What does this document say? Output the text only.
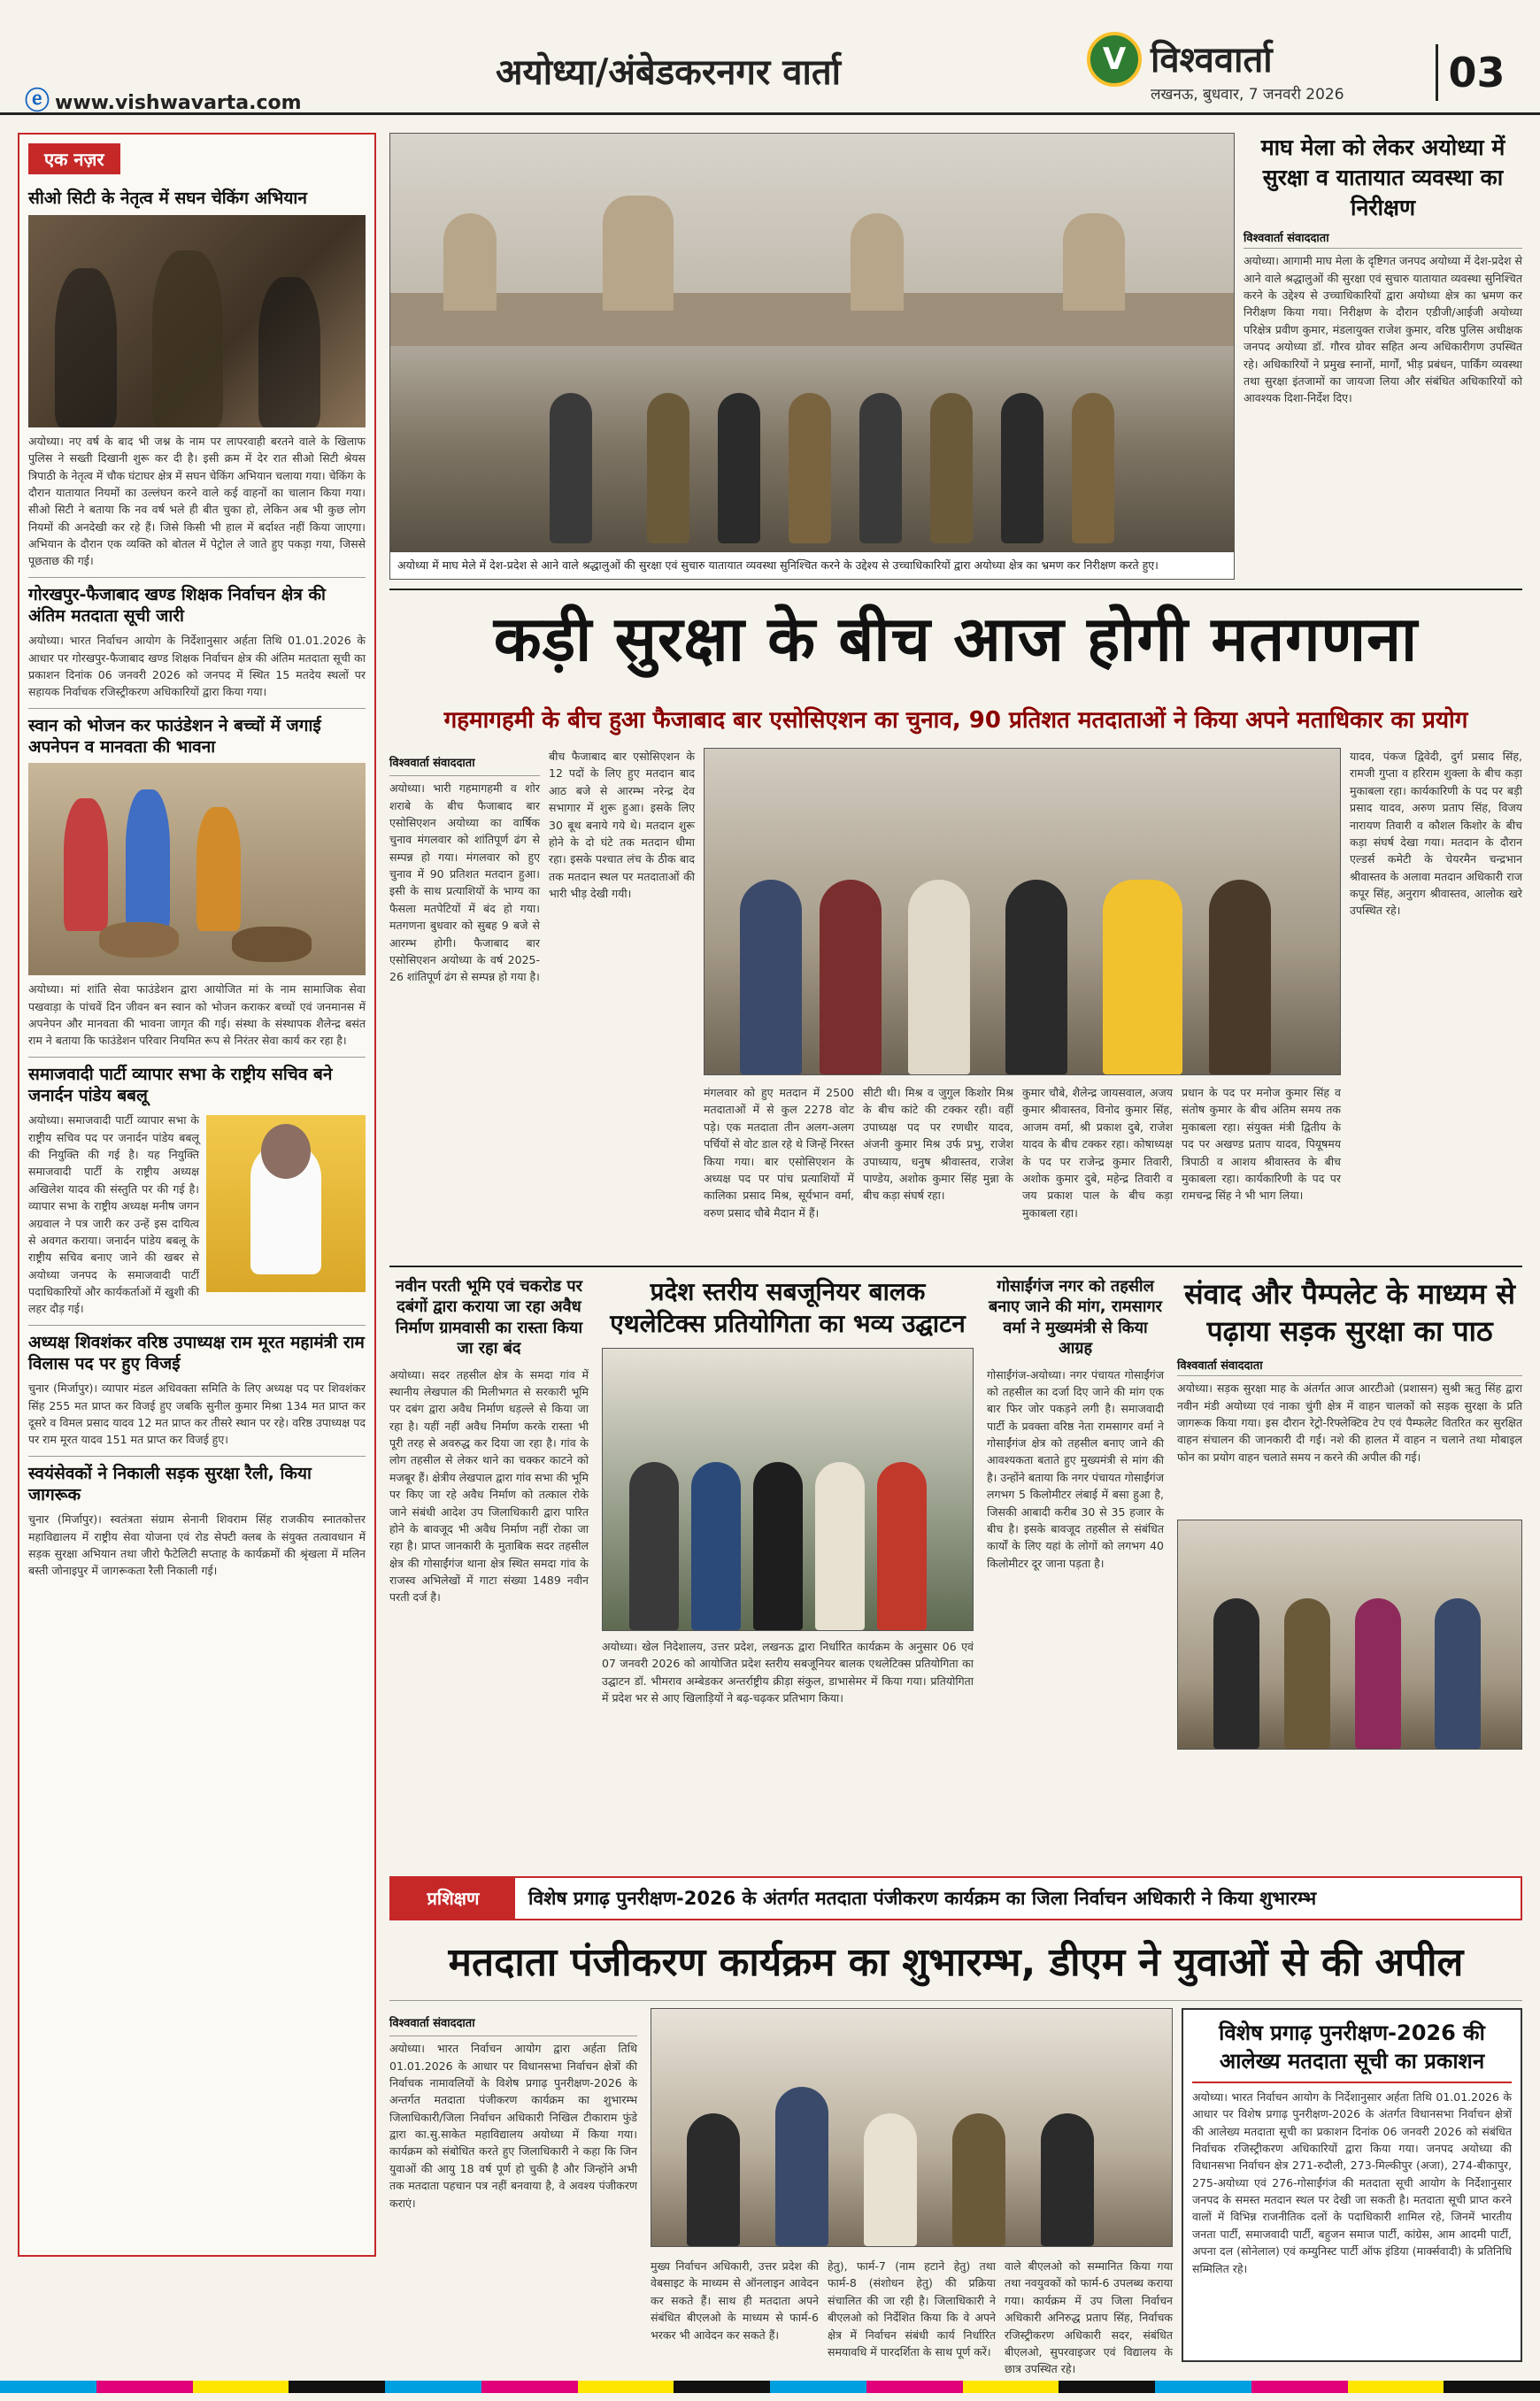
ⓔ www.vishwavarta.com
अयोध्या/अंबेडकरनगर वार्ता	V विश्ववार्ता
लखनऊ, बुधवार, 7 जनवरी 2026	03
एक नज़र
सीओ सिटी के नेतृत्व में सघन चेकिंग अभियान
अयोध्या। नए वर्ष के बाद भी जश्न के नाम पर लापरवाही बरतने वाले के खिलाफ पुलिस ने सख्ती दिखानी शुरू कर दी है। इसी क्रम में देर रात सीओ सिटी श्रेयस त्रिपाठी के नेतृत्व में चौक घंटाघर क्षेत्र में सघन चेकिंग अभियान चलाया गया। चेकिंग के दौरान यातायात नियमों का उल्लंघन करने वाले कई वाहनों का चालान किया गया। सीओ सिटी ने बताया कि नव वर्ष भले ही बीत चुका हो, लेकिन अब भी कुछ लोग नियमों की अनदेखी कर रहे हैं। जिसे किसी भी हाल में बर्दाश्त नहीं किया जाएगा। अभियान के दौरान एक व्यक्ति को बोतल में पेट्रोल ले जाते हुए पकड़ा गया, जिससे पूछताछ की गई।
गोरखपुर-फैजाबाद खण्ड शिक्षक निर्वाचन क्षेत्र की अंतिम मतदाता सूची जारी
अयोध्या। भारत निर्वाचन आयोग के निर्देशानुसार अर्हता तिथि 01.01.2026 के आधार पर गोरखपुर-फैजाबाद खण्ड शिक्षक निर्वाचन क्षेत्र की अंतिम मतदाता सूची का प्रकाशन दिनांक 06 जनवरी 2026 को जनपद में स्थित 15 मतदेय स्थलों पर सहायक निर्वाचक रजिस्ट्रीकरण अधिकारियों द्वारा किया गया।
स्वान को भोजन कर फाउंडेशन ने बच्चों में जगाई अपनेपन व मानवता की भावना
अयोध्या। मां शांति सेवा फाउंडेशन द्वारा आयोजित मां के नाम सामाजिक सेवा पखवाड़ा के पांचवें दिन जीवन बन स्वान को भोजन कराकर बच्चों एवं जनमानस में अपनेपन और मानवता की भावना जागृत की गई। संस्था के संस्थापक शैलेन्द्र बसंत राम ने बताया कि फाउंडेशन परिवार नियमित रूप से निरंतर सेवा कार्य कर रहा है।
समाजवादी पार्टी व्यापार सभा के राष्ट्रीय सचिव बने जनार्दन पांडेय बबलू
अयोध्या। समाजवादी पार्टी व्यापार सभा के राष्ट्रीय सचिव पद पर जनार्दन पांडेय बबलू की नियुक्ति की गई है। यह नियुक्ति समाजवादी पार्टी के राष्ट्रीय अध्यक्ष अखिलेश यादव की संस्तुति पर की गई है। व्यापार सभा के राष्ट्रीय अध्यक्ष मनीष जगन अग्रवाल ने पत्र जारी कर उन्हें इस दायित्व से अवगत कराया। जनार्दन पांडेय बबलू के राष्ट्रीय सचिव बनाए जाने की खबर से अयोध्या जनपद के समाजवादी पार्टी पदाधिकारियों और कार्यकर्ताओं में खुशी की लहर दौड़ गई।
अध्यक्ष शिवशंकर वरिष्ठ उपाध्यक्ष राम मूरत महामंत्री राम विलास पद पर हुए विजई
चुनार (मिर्जापुर)। व्यापार मंडल अधिवक्ता समिति के लिए अध्यक्ष पद पर शिवशंकर सिंह 255 मत प्राप्त कर विजई हुए जबकि सुनील कुमार मिश्रा 134 मत प्राप्त कर दूसरे व विमल प्रसाद यादव 12 मत प्राप्त कर तीसरे स्थान पर रहे। वरिष्ठ उपाध्यक्ष पद पर राम मूरत यादव 151 मत प्राप्त कर विजई हुए।
स्वयंसेवकों ने निकाली सड़क सुरक्षा रैली, किया जागरूक
चुनार (मिर्जापुर)। स्वतंत्रता संग्राम सेनानी शिवराम सिंह राजकीय स्नातकोत्तर महाविद्यालय में राष्ट्रीय सेवा योजना एवं रोड सेफ्टी क्लब के संयुक्त तत्वावधान में सड़क सुरक्षा अभियान तथा जीरो फैटेलिटी सप्ताह के कार्यक्रमों की श्रृंखला में मलिन बस्ती जोनाइपुर में जागरूकता रैली निकाली गई।
अयोध्या में माघ मेले में देश-प्रदेश से आने वाले श्रद्धालुओं की सुरक्षा एवं सुचारु यातायात व्यवस्था सुनिश्चित करने के उद्देश्य से उच्चाधिकारियों द्वारा अयोध्या क्षेत्र का भ्रमण कर निरीक्षण करते हुए।
माघ मेला को लेकर अयोध्या में सुरक्षा व यातायात व्यवस्था का निरीक्षण
विश्ववार्ता संवाददाता
अयोध्या। आगामी माघ मेला के दृष्टिगत जनपद अयोध्या में देश-प्रदेश से आने वाले श्रद्धालुओं की सुरक्षा एवं सुचारु यातायात व्यवस्था सुनिश्चित करने के उद्देश्य से उच्चाधिकारियों द्वारा अयोध्या क्षेत्र का भ्रमण कर निरीक्षण किया गया। निरीक्षण के दौरान एडीजी/आईजी अयोध्या परिक्षेत्र प्रवीण कुमार, मंडलायुक्त राजेश कुमार, वरिष्ठ पुलिस अधीक्षक जनपद अयोध्या डॉ. गौरव ग्रोवर सहित अन्य अधिकारीगण उपस्थित रहे। अधिकारियों ने प्रमुख स्नानों, मार्गों, भीड़ प्रबंधन, पार्किंग व्यवस्था तथा सुरक्षा इंतजामों का जायजा लिया और संबंधित अधिकारियों को आवश्यक दिशा-निर्देश दिए।
कड़ी सुरक्षा के बीच आज होगी मतगणना
गहमागहमी के बीच हुआ फैजाबाद बार एसोसिएशन का चुनाव, 90 प्रतिशत मतदाताओं ने किया अपने मताधिकार का प्रयोग
विश्ववार्ता संवाददाता
अयोध्या। भारी गहमागहमी व शोर शराबे के बीच फैजाबाद बार एसोसिएशन अयोध्या का वार्षिक चुनाव मंगलवार को शांतिपूर्ण ढंग से सम्पन्न हो गया। मंगलवार को हुए चुनाव में 90 प्रतिशत मतदान हुआ। इसी के साथ प्रत्याशियों के भाग्य का फैसला मतपेटियों में बंद हो गया। मतगणना बुधवार को सुबह 9 बजे से आरम्भ होगी। फैजाबाद बार एसोसिएशन अयोध्या के वर्ष 2025-26 शांतिपूर्ण ढंग से सम्पन्न हो गया है।
बीच फैजाबाद बार एसोसिएशन के 12 पदों के लिए हुए मतदान बाद आठ बजे से आरम्भ नरेन्द्र देव सभागार में शुरू हुआ। इसके लिए 30 बूथ बनाये गये थे। मतदान शुरू होने के दो घंटे तक मतदान धीमा रहा। इसके पश्चात लंच के ठीक बाद तक मतदान स्थल पर मतदाताओं की भारी भीड़ देखी गयी।
यादव, पंकज द्विवेदी, दुर्ग प्रसाद सिंह, रामजी गुप्ता व हरिराम शुक्ला के बीच कड़ा मुकाबला रहा। कार्यकारिणी के पद पर बड़ी प्रसाद यादव, अरुण प्रताप सिंह, विजय नारायण तिवारी व कौशल किशोर के बीच कड़ा संघर्ष देखा गया। मतदान के दौरान एल्डर्स कमेटी के चेयरमैन चन्द्रभान श्रीवास्तव के अलावा मतदान अधिकारी राज कपूर सिंह, अनुराग श्रीवास्तव, आलोक खरे उपस्थित रहे।
मंगलवार को हुए मतदान में 2500 मतदाताओं में से कुल 2278 वोट पड़े। एक मतदाता तीन अलग-अलग पर्चियों से वोट डाल रहे थे जिन्हें निरस्त किया गया। बार एसोसिएशन के अध्यक्ष पद पर पांच प्रत्याशियों में कालिका प्रसाद मिश्र, सूर्यभान वर्मा, वरुण प्रसाद चौबे मैदान में हैं।
सीटी थी। मिश्र व जुगुल किशोर मिश्र के बीच कांटे की टक्कर रही। वहीं उपाध्यक्ष पद पर रणधीर यादव, अंजनी कुमार मिश्र उर्फ प्रभु, राजेश उपाध्याय, धनुष श्रीवास्तव, राजेश पाण्डेय, अशोक कुमार सिंह मुन्ना के बीच कड़ा संघर्ष रहा।
कुमार चौबे, शैलेन्द्र जायसवाल, अजय कुमार श्रीवास्तव, विनोद कुमार सिंह, आजम वर्मा, श्री प्रकाश दुबे, राजेश यादव के बीच टक्कर रहा। कोषाध्यक्ष के पद पर राजेन्द्र कुमार तिवारी, अशोक कुमार दुबे, महेन्द्र तिवारी व जय प्रकाश पाल के बीच कड़ा मुकाबला रहा।
प्रधान के पद पर मनोज कुमार सिंह व संतोष कुमार के बीच अंतिम समय तक मुकाबला रहा। संयुक्त मंत्री द्वितीय के पद पर अखण्ड प्रताप यादव, पियूषमय त्रिपाठी व आशय श्रीवास्तव के बीच मुकाबला रहा। कार्यकारिणी के पद पर रामचन्द्र सिंह ने भी भाग लिया।
नवीन परती भूमि एवं चकरोड पर दबंगों द्वारा कराया जा रहा अवैध निर्माण ग्रामवासी का रास्ता किया जा रहा बंद
अयोध्या। सदर तहसील क्षेत्र के समदा गांव में स्थानीय लेखपाल की मिलीभगत से सरकारी भूमि पर दबंग द्वारा अवैध निर्माण धड़ल्ले से किया जा रहा है। यहीं नहीं अवैध निर्माण करके रास्ता भी पूरी तरह से अवरुद्ध कर दिया जा रहा है। गांव के लोग तहसील से लेकर थाने का चक्कर काटने को मजबूर हैं। क्षेत्रीय लेखपाल द्वारा गांव सभा की भूमि पर किए जा रहे अवैध निर्माण को तत्काल रोके जाने संबंधी आदेश उप जिलाधिकारी द्वारा पारित होने के बावजूद भी अवैध निर्माण नहीं रोका जा रहा है। प्राप्त जानकारी के मुताबिक सदर तहसील क्षेत्र की गोसाईंगंज थाना क्षेत्र स्थित समदा गांव के राजस्व अभिलेखों में गाटा संख्या 1489 नवीन परती दर्ज है।
प्रदेश स्तरीय सबजूनियर बालक एथलेटिक्स प्रतियोगिता का भव्य उद्घाटन
अयोध्या। खेल निदेशालय, उत्तर प्रदेश, लखनऊ द्वारा निर्धारित कार्यक्रम के अनुसार 06 एवं 07 जनवरी 2026 को आयोजित प्रदेश स्तरीय सबजूनियर बालक एथलेटिक्स प्रतियोगिता का उद्घाटन डॉ. भीमराव अम्बेडकर अन्तर्राष्ट्रीय क्रीड़ा संकुल, डाभासेमर में किया गया। प्रतियोगिता में प्रदेश भर से आए खिलाड़ियों ने बढ़-चढ़कर प्रतिभाग किया।
गोसाईंगंज नगर को तहसील बनाए जाने की मांग, रामसागर वर्मा ने मुख्यमंत्री से किया आग्रह
गोसाईंगंज-अयोध्या। नगर पंचायत गोसाईंगंज को तहसील का दर्जा दिए जाने की मांग एक बार फिर जोर पकड़ने लगी है। समाजवादी पार्टी के प्रवक्ता वरिष्ठ नेता रामसागर वर्मा ने गोसाईंगंज क्षेत्र को तहसील बनाए जाने की आवश्यकता बताते हुए मुख्यमंत्री से मांग की है। उन्होंने बताया कि नगर पंचायत गोसाईंगंज लगभग 5 किलोमीटर लंबाई में बसा हुआ है, जिसकी आबादी करीब 30 से 35 हजार के बीच है। इसके बावजूद तहसील से संबंधित कार्यों के लिए यहां के लोगों को लगभग 40 किलोमीटर दूर जाना पड़ता है।
संवाद और पैम्पलेट के माध्यम से पढ़ाया सड़क सुरक्षा का पाठ
विश्ववार्ता संवाददाता
अयोध्या। सड़क सुरक्षा माह के अंतर्गत आज आरटीओ (प्रशासन) सुश्री ऋतु सिंह द्वारा नवीन मंडी अयोध्या एवं नाका चुंगी क्षेत्र में वाहन चालकों को सड़क सुरक्षा के प्रति जागरूक किया गया। इस दौरान रेट्रो-रिफ्लेक्टिव टेप एवं पैम्फलेट वितरित कर सुरक्षित वाहन संचालन की जानकारी दी गई। नशे की हालत में वाहन न चलाने तथा मोबाइल फोन का प्रयोग वाहन चलाते समय न करने की अपील की गई।
प्रशिक्षण	विशेष प्रगाढ़ पुनरीक्षण-2026 के अंतर्गत मतदाता पंजीकरण कार्यक्रम का जिला निर्वाचन अधिकारी ने किया शुभारम्भ
मतदाता पंजीकरण कार्यक्रम का शुभारम्भ, डीएम ने युवाओं से की अपील
विश्ववार्ता संवाददाता
अयोध्या। भारत निर्वाचन आयोग द्वारा अर्हता तिथि 01.01.2026 के आधार पर विधानसभा निर्वाचन क्षेत्रों की निर्वाचक नामावलियों के विशेष प्रगाढ़ पुनरीक्षण-2026 के अन्तर्गत मतदाता पंजीकरण कार्यक्रम का शुभारम्भ जिलाधिकारी/जिला निर्वाचन अधिकारी निखिल टीकाराम फुंडे द्वारा का.सु.साकेत महाविद्यालय अयोध्या में किया गया। कार्यक्रम को संबोधित करते हुए जिलाधिकारी ने कहा कि जिन युवाओं की आयु 18 वर्ष पूर्ण हो चुकी है और जिन्होंने अभी तक मतदाता पहचान पत्र नहीं बनवाया है, वे अवश्य पंजीकरण कराएं।
मुख्य निर्वाचन अधिकारी, उत्तर प्रदेश की वेबसाइट के माध्यम से ऑनलाइन आवेदन कर सकते हैं। साथ ही मतदाता अपने संबंधित बीएलओ के माध्यम से फार्म-6 भरकर भी आवेदन कर सकते हैं।
हेतु), फार्म-7 (नाम हटाने हेतु) तथा फार्म-8 (संशोधन हेतु) की प्रक्रिया संचालित की जा रही है। जिलाधिकारी ने बीएलओ को निर्देशित किया कि वे अपने क्षेत्र में निर्वाचन संबंधी कार्य निर्धारित समयावधि में पारदर्शिता के साथ पूर्ण करें।
वाले बीएलओ को सम्मानित किया गया तथा नवयुवकों को फार्म-6 उपलब्ध कराया गया। कार्यक्रम में उप जिला निर्वाचन अधिकारी अनिरुद्ध प्रताप सिंह, निर्वाचक रजिस्ट्रीकरण अधिकारी सदर, संबंधित बीएलओ, सुपरवाइजर एवं विद्यालय के छात्र उपस्थित रहे।
विशेष प्रगाढ़ पुनरीक्षण-2026 की आलेख्य मतदाता सूची का प्रकाशन
अयोध्या। भारत निर्वाचन आयोग के निर्देशानुसार अर्हता तिथि 01.01.2026 के आधार पर विशेष प्रगाढ़ पुनरीक्षण-2026 के अंतर्गत विधानसभा निर्वाचन क्षेत्रों की आलेख्य मतदाता सूची का प्रकाशन दिनांक 06 जनवरी 2026 को संबंधित निर्वाचक रजिस्ट्रीकरण अधिकारियों द्वारा किया गया। जनपद अयोध्या की विधानसभा निर्वाचन क्षेत्र 271-रुदौली, 273-मिल्कीपुर (अजा), 274-बीकापुर, 275-अयोध्या एवं 276-गोसाईंगंज की मतदाता सूची आयोग के निर्देशानुसार जनपद के समस्त मतदान स्थल पर देखी जा सकती है। मतदाता सूची प्राप्त करने वालों में विभिन्न राजनीतिक दलों के पदाधिकारी शामिल रहे, जिनमें भारतीय जनता पार्टी, समाजवादी पार्टी, बहुजन समाज पार्टी, कांग्रेस, आम आदमी पार्टी, अपना दल (सोनेलाल) एवं कम्युनिस्ट पार्टी ऑफ इंडिया (मार्क्सवादी) के प्रतिनिधि सम्मिलित रहे।
